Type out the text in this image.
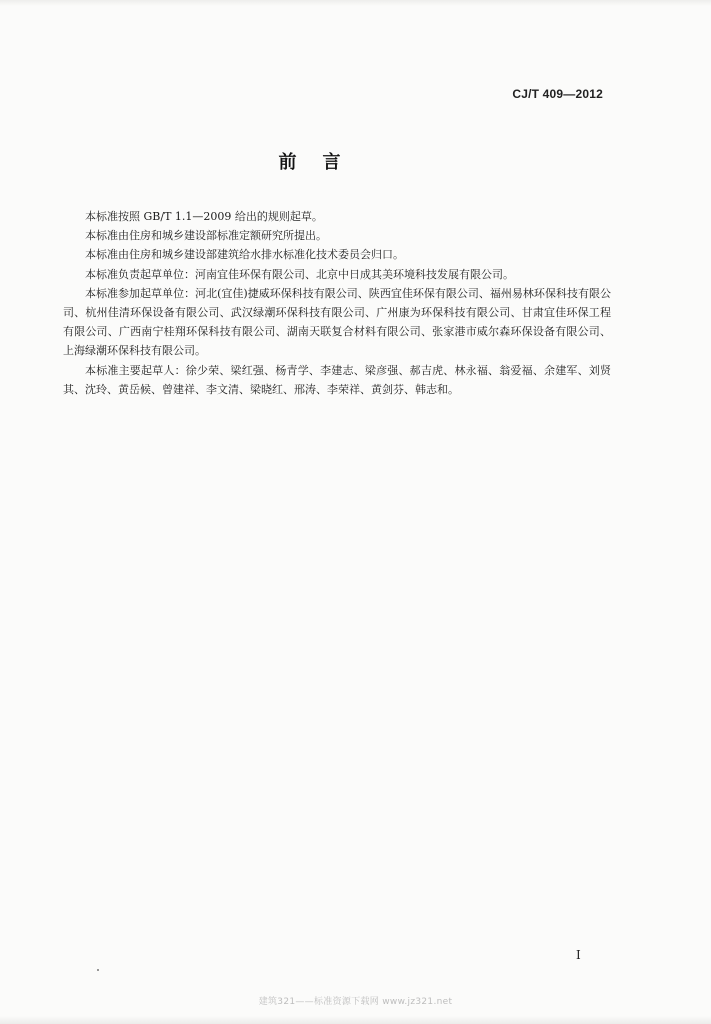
CJ/T 409—2012
前言

本标准按照 GB/T 1.1—2009 给出的规则起草。

本标准由住房和城乡建设部标准定额研究所提出。

本标准由住房和城乡建设部建筑给水排水标准化技术委员会归口。

本标准负责起草单位：河南宜佳环保有限公司、北京中日成其美环境科技发展有限公司。

本标准参加起草单位：河北(宜佳)捷威环保科技有限公司、陕西宜佳环保有限公司、福州易林环保科技有限公司、杭州佳清环保设备有限公司、武汉绿潮环保科技有限公司、广州康为环保科技有限公司、甘肃宜佳环保工程有限公司、广西南宁桂翔环保科技有限公司、湖南天联复合材料有限公司、张家港市威尔森环保设备有限公司、上海绿潮环保科技有限公司。

本标准主要起草人：徐少荣、梁红强、杨青学、李建志、梁彦强、郝吉虎、林永福、翁爱福、余建军、刘贤其、沈玲、黄岳候、曾建祥、李文清、梁晓红、邢涛、李荣祥、黄剑芬、韩志和。

I
建筑321——标准资源下载网 www.jz321.net
